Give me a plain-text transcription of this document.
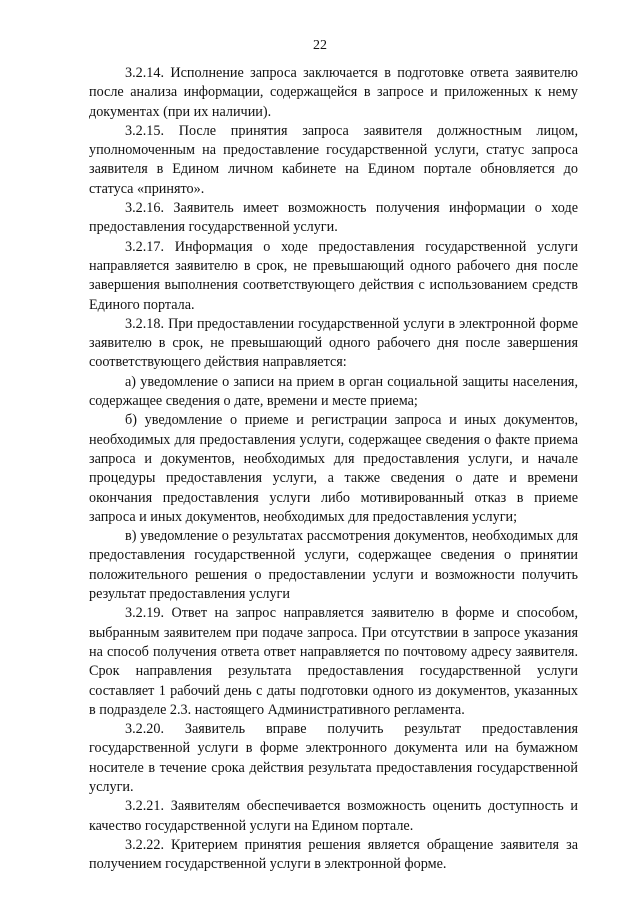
22

3.2.14. Исполнение запроса заключается в подготовке ответа заявителю после анализа информации, содержащейся в запросе и приложенных к нему документах (при их наличии).

3.2.15. После принятия запроса заявителя должностным лицом, уполномоченным на предоставление государственной услуги, статус запроса заявителя в Едином личном кабинете на Едином портале обновляется до статуса «принято».

3.2.16. Заявитель имеет возможность получения информации о ходе предоставления государственной услуги.

3.2.17. Информация о ходе предоставления государственной услуги направляется заявителю в срок, не превышающий одного рабочего дня после завершения выполнения соответствующего действия с использованием средств Единого портала.

3.2.18. При предоставлении государственной услуги в электронной форме заявителю в срок, не превышающий одного рабочего дня после завершения соответствующего действия направляется:

а) уведомление о записи на прием в орган социальной защиты населения, содержащее сведения о дате, времени и месте приема;

б) уведомление о приеме и регистрации запроса и иных документов, необходимых для предоставления услуги, содержащее сведения о факте приема запроса и документов, необходимых для предоставления услуги, и начале процедуры предоставления услуги, а также сведения о дате и времени окончания предоставления услуги либо мотивированный отказ в приеме запроса и иных документов, необходимых для предоставления услуги;

в) уведомление о результатах рассмотрения документов, необходимых для предоставления государственной услуги, содержащее сведения о принятии положительного решения о предоставлении услуги и возможности получить результат предоставления услуги

3.2.19. Ответ на запрос направляется заявителю в форме и способом, выбранным заявителем при подаче запроса. При отсутствии в запросе указания на способ получения ответа ответ направляется по почтовому адресу заявителя. Срок направления результата предоставления государственной услуги составляет 1 рабочий день с даты подготовки одного из документов, указанных в подразделе 2.3. настоящего Административного регламента.

3.2.20. Заявитель вправе получить результат предоставления государственной услуги в форме электронного документа или на бумажном носителе в течение срока действия результата предоставления государственной услуги.

3.2.21. Заявителям обеспечивается возможность оценить доступность и качество государственной услуги на Едином портале.

3.2.22. Критерием принятия решения является обращение заявителя за получением государственной услуги в электронной форме.
